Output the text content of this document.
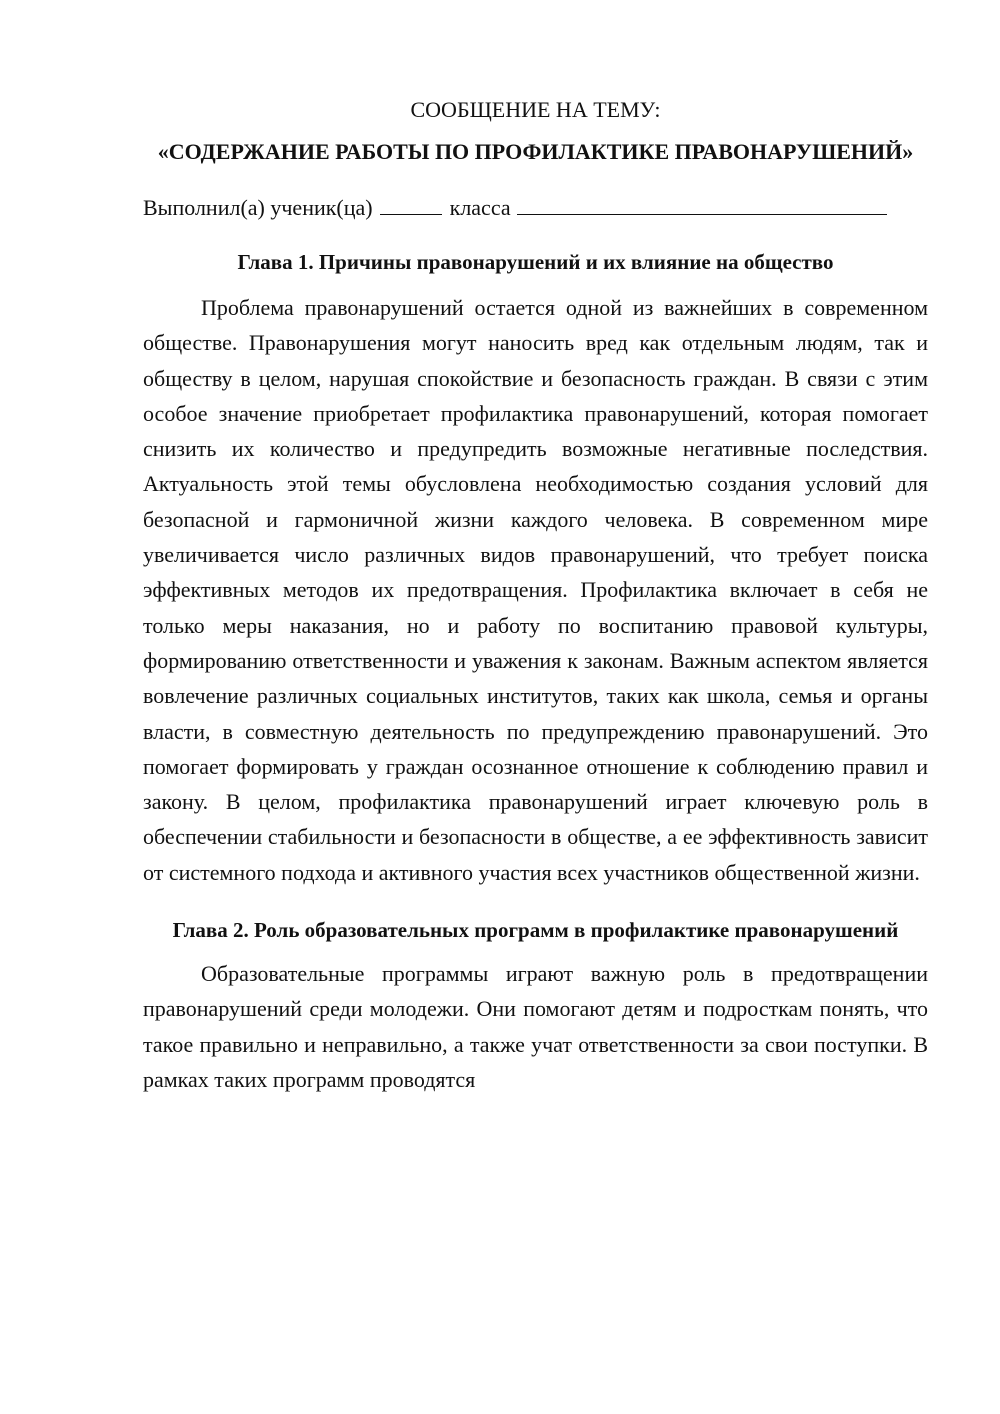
СООБЩЕНИЕ НА ТЕМУ:

«СОДЕРЖАНИЕ РАБОТЫ ПО ПРОФИЛАКТИКЕ ПРАВОНАРУШЕНИЙ»

Выполнил(а) ученик(ца)	класса

Глава 1. Причины правонарушений и их влияние на общество

Проблема правонарушений остается одной из важнейших в современном обществе. Правонарушения могут наносить вред как отдельным людям, так и обществу в целом, нарушая спокойствие и безопасность граждан. В связи с этим особое значение приобретает профилактика правонарушений, которая помогает снизить их количество и предупредить возможные негативные последствия. Актуальность этой темы обусловлена необходимостью создания условий для безопасной и гармоничной жизни каждого человека. В современном мире увеличивается число различных видов правонарушений, что требует поиска эффективных методов их предотвращения. Профилактика включает в себя не только меры наказания, но и работу по воспитанию правовой культуры, формированию ответственности и уважения к законам. Важным аспектом является вовлечение различных социальных институтов, таких как школа, семья и органы власти, в совместную деятельность по предупреждению правонарушений. Это помогает формировать у граждан осознанное отношение к соблюдению правил и закону. В целом, профилактика правонарушений играет ключевую роль в обеспечении стабильности и безопасности в обществе, а ее эффективность зависит от системного подхода и активного участия всех участников общественной жизни.

Глава 2. Роль образовательных программ в профилактике правонарушений

Образовательные программы играют важную роль в предотвращении правонарушений среди молодежи. Они помогают детям и подросткам понять, что такое правильно и неправильно, а также учат ответственности за свои поступки. В рамках таких программ проводятся
